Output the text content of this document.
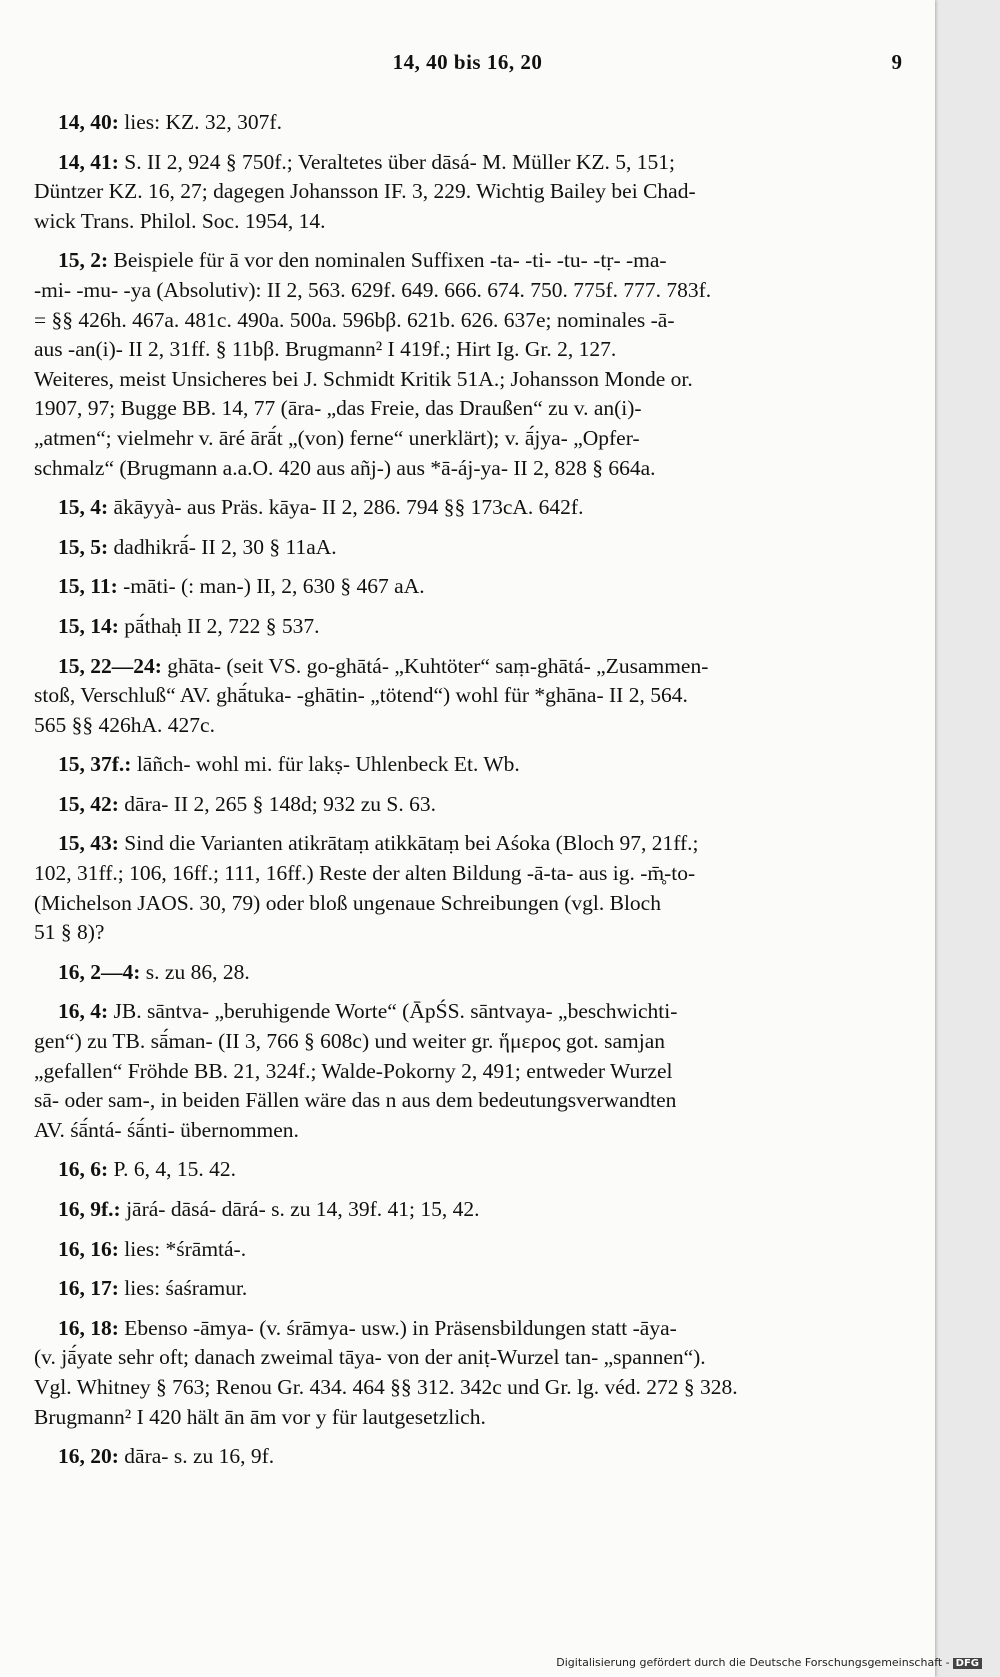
14, 40 bis 16, 20	9
14, 40: lies: KZ. 32, 307f.
14, 41: S. II 2, 924 § 750f.; Veraltetes über dāsá- M. Müller KZ. 5, 151;
Düntzer KZ. 16, 27; dagegen Johansson IF. 3, 229. Wichtig Bailey bei Chad-
wick Trans. Philol. Soc. 1954, 14.
15, 2: Beispiele für ā vor den nominalen Suffixen -ta- -ti- -tu- -tṛ- -ma-
-mi- -mu- -ya (Absolutiv): II 2, 563. 629f. 649. 666. 674. 750. 775f. 777. 783f.
= §§ 426h. 467a. 481c. 490a. 500a. 596bβ. 621b. 626. 637e; nominales -ā-
aus -an(i)- II 2, 31ff. § 11bβ. Brugmann² I 419f.; Hirt Ig. Gr. 2, 127.
Weiteres, meist Unsicheres bei J. Schmidt Kritik 51A.; Johansson Monde or.
1907, 97; Bugge BB. 14, 77 (āra- „das Freie, das Draußen“ zu v. an(i)-
„atmen“; vielmehr v. āré ārā́t „(von) ferne“ unerklärt); v. ā́jya- „Opfer-
schmalz“ (Brugmann a.a.O. 420 aus añj-) aus *ā-áj-ya- II 2, 828 § 664a.
15, 4: ākāyyà- aus Präs. kāya- II 2, 286. 794 §§ 173cA. 642f.
15, 5: dadhikrā́- II 2, 30 § 11aA.
15, 11: -māti- (: man-) II, 2, 630 § 467 aA.
15, 14: pā́thaḥ II 2, 722 § 537.
15, 22—24: ghāta- (seit VS. go-ghātá- „Kuhtöter“ saṃ-ghātá- „Zusammen-
stoß, Verschluß“ AV. ghā́tuka- -ghātin- „tötend“) wohl für *ghāna- II 2, 564.
565 §§ 426hA. 427c.
15, 37f.: lāñch- wohl mi. für lakṣ- Uhlenbeck Et. Wb.
15, 42: dāra- II 2, 265 § 148d; 932 zu S. 63.
15, 43: Sind die Varianten atikrātaṃ atikkātaṃ bei Aśoka (Bloch 97, 21ff.;
102, 31ff.; 106, 16ff.; 111, 16ff.) Reste der alten Bildung -ā-ta- aus ig. -m̥̄-to-
(Michelson JAOS. 30, 79) oder bloß ungenaue Schreibungen (vgl. Bloch
51 § 8)?
16, 2—4: s. zu 86, 28.
16, 4: JB. sāntva- „beruhigende Worte“ (ĀpŚS. sāntvaya- „beschwichti-
gen“) zu TB. sā́man- (II 3, 766 § 608c) und weiter gr. ἥμερος got. samjan
„gefallen“ Fröhde BB. 21, 324f.; Walde-Pokorny 2, 491; entweder Wurzel
sā- oder sam-, in beiden Fällen wäre das n aus dem bedeutungsverwandten
AV. śā́ntá- śā́nti- übernommen.
16, 6: P. 6, 4, 15. 42.
16, 9f.: jārá- dāsá- dārá- s. zu 14, 39f. 41; 15, 42.
16, 16: lies: *śrāmtá-.
16, 17: lies: śaśramur.
16, 18: Ebenso -āmya- (v. śrāmya- usw.) in Präsensbildungen statt -āya-
(v. jā́yate sehr oft; danach zweimal tāya- von der aniṭ-Wurzel tan- „spannen“).
Vgl. Whitney § 763; Renou Gr. 434. 464 §§ 312. 342c und Gr. lg. véd. 272 § 328.
Brugmann² I 420 hält ān ām vor y für lautgesetzlich.
16, 20: dāra- s. zu 16, 9f.
Digitalisierung gefördert durch die Deutsche Forschungsgemeinschaft - DFG
